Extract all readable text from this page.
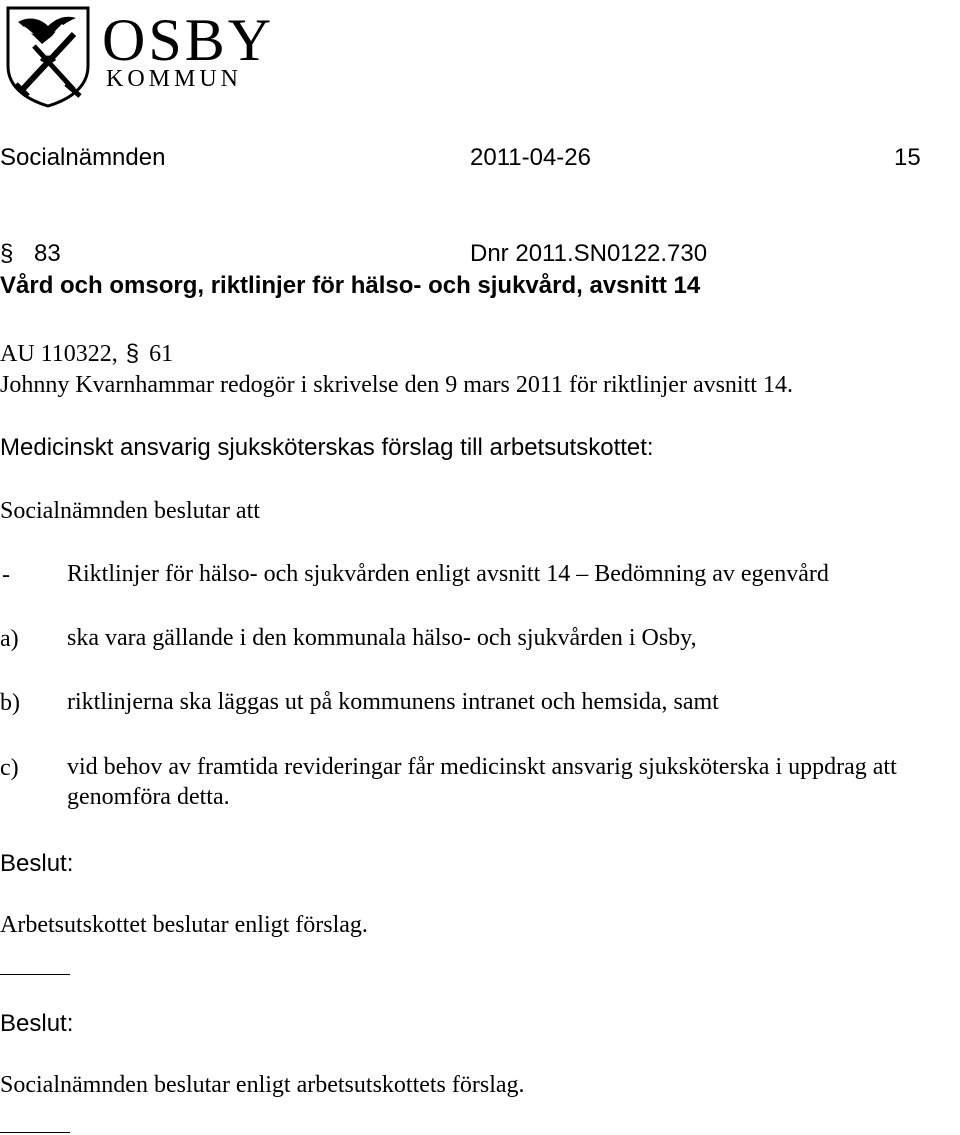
OSBY
KOMMUN
Socialnämnden	2011-04-26	15
§ 83	Dnr 2011.SN0122.730
Vård och omsorg, riktlinjer för hälso- och sjukvård, avsnitt 14
AU 110322, § 61
Johnny Kvarnhammar redogör i skrivelse den 9 mars 2011 för riktlinjer avsnitt 14.
Medicinskt ansvarig sjuksköterskas förslag till arbetsutskottet:
Socialnämnden beslutar att
- Riktlinjer för hälso- och sjukvården enligt avsnitt 14 – Bedömning av egenvård
a) ska vara gällande i den kommunala hälso- och sjukvården i Osby,
b) riktlinjerna ska läggas ut på kommunens intranet och hemsida, samt
c) vid behov av framtida revideringar får medicinskt ansvarig sjuksköterska i uppdrag att genomföra detta.
Beslut:
Arbetsutskottet beslutar enligt förslag.
Beslut:
Socialnämnden beslutar enligt arbetsutskottets förslag.
